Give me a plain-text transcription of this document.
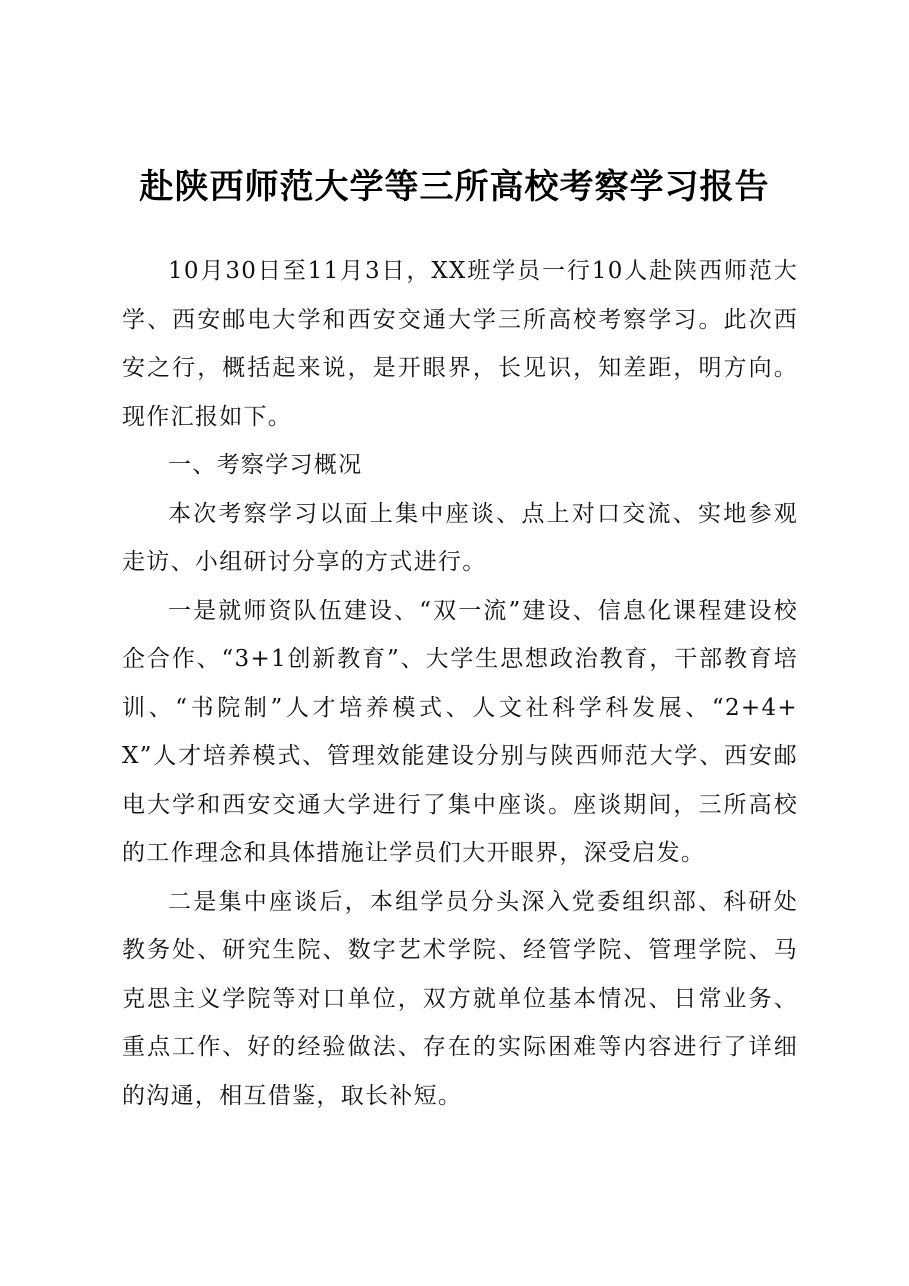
赴陕西师范大学等三所高校考察学习报告

10月30日至11月3日，XX班学员一行10人赴陕西师范大学、西安邮电大学和西安交通大学三所高校考察学习。此次西安之行，概括起来说，是开眼界，长见识，知差距，明方向。现作汇报如下。

一、考察学习概况

本次考察学习以面上集中座谈、点上对口交流、实地参观走访、小组研讨分享的方式进行。

一是就师资队伍建设、“双一流”建设、信息化课程建设校企合作、“3+1创新教育”、大学生思想政治教育，干部教育培训、“书院制”人才培养模式、人文社科学科发展、“2+4+X”人才培养模式、管理效能建设分别与陕西师范大学、西安邮电大学和西安交通大学进行了集中座谈。座谈期间，三所高校的工作理念和具体措施让学员们大开眼界，深受启发。

二是集中座谈后，本组学员分头深入党委组织部、科研处教务处、研究生院、数字艺术学院、经管学院、管理学院、马克思主义学院等对口单位，双方就单位基本情况、日常业务、重点工作、好的经验做法、存在的实际困难等内容进行了详细的沟通，相互借鉴，取长补短。
